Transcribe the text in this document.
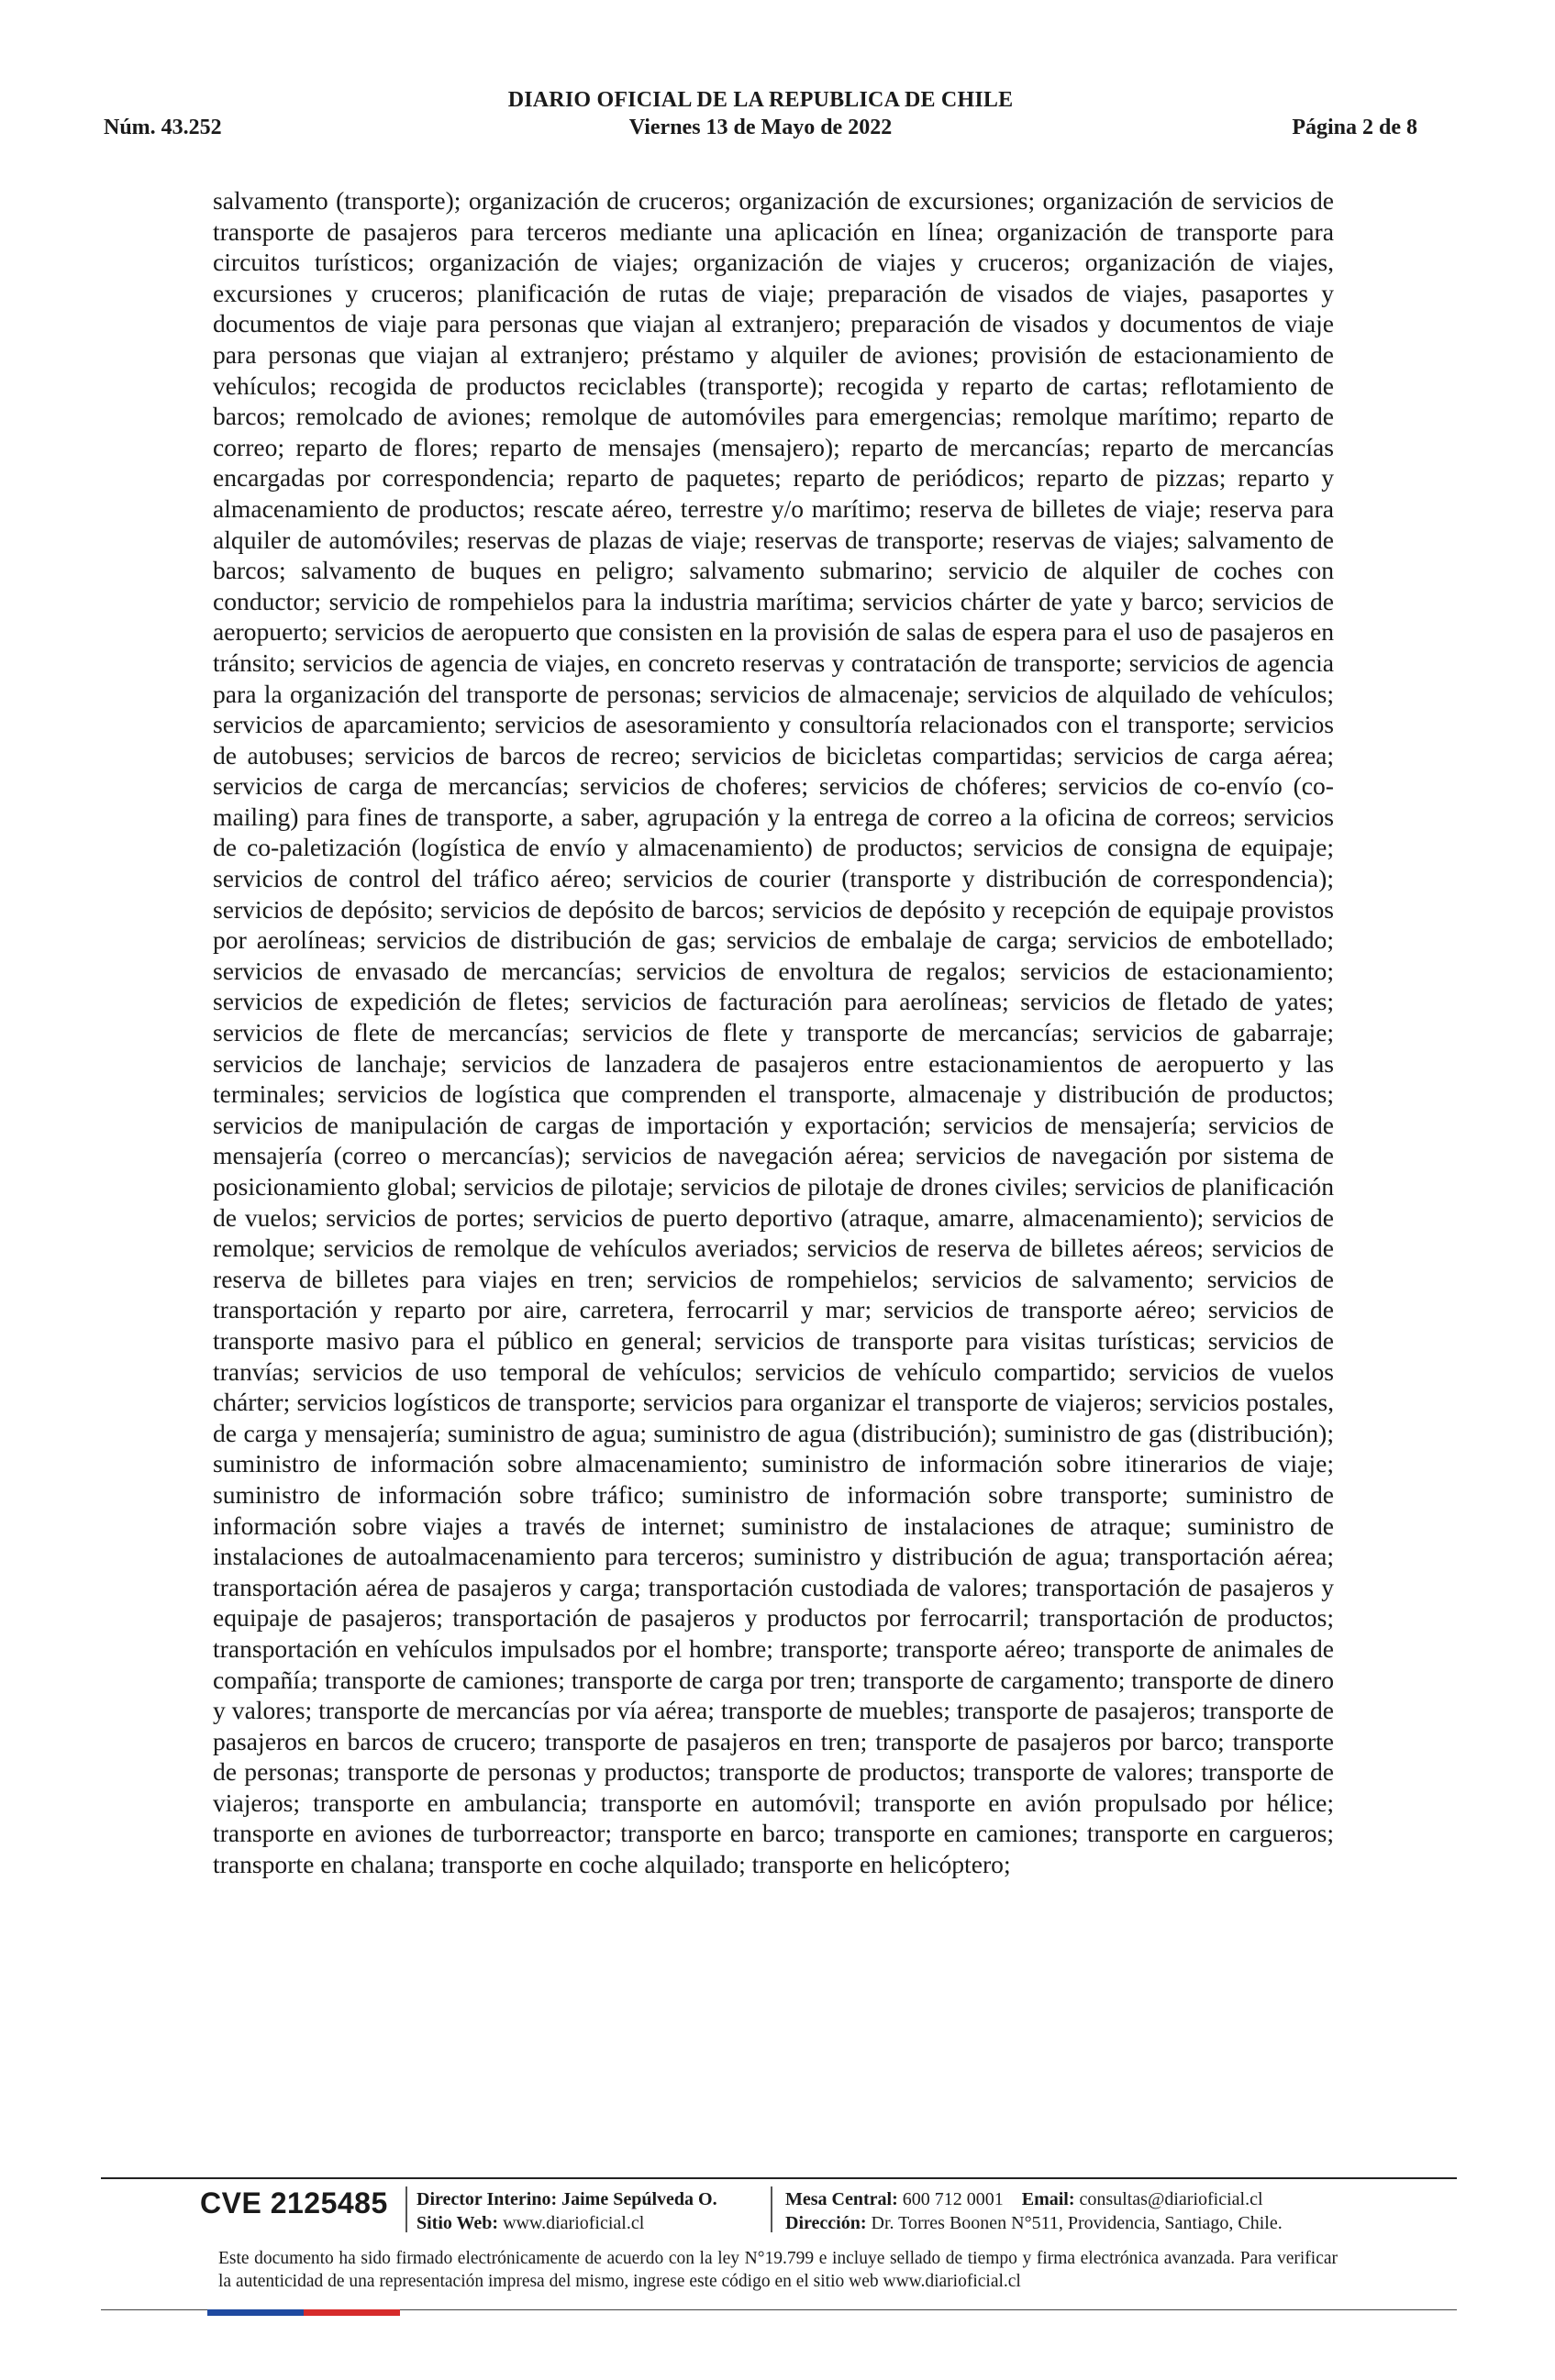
DIARIO OFICIAL DE LA REPUBLICA DE CHILE
Núm. 43.252	Viernes 13 de Mayo de 2022	Página 2 de 8
salvamento (transporte); organización de cruceros; organización de excursiones; organización de servicios de transporte de pasajeros para terceros mediante una aplicación en línea; organización de transporte para circuitos turísticos; organización de viajes; organización de viajes y cruceros; organización de viajes, excursiones y cruceros; planificación de rutas de viaje; preparación de visados de viajes, pasaportes y documentos de viaje para personas que viajan al extranjero; preparación de visados y documentos de viaje para personas que viajan al extranjero; préstamo y alquiler de aviones; provisión de estacionamiento de vehículos; recogida de productos reciclables (transporte); recogida y reparto de cartas; reflotamiento de barcos; remolcado de aviones; remolque de automóviles para emergencias; remolque marítimo; reparto de correo; reparto de flores; reparto de mensajes (mensajero); reparto de mercancías; reparto de mercancías encargadas por correspondencia; reparto de paquetes; reparto de periódicos; reparto de pizzas; reparto y almacenamiento de productos; rescate aéreo, terrestre y/o marítimo; reserva de billetes de viaje; reserva para alquiler de automóviles; reservas de plazas de viaje; reservas de transporte; reservas de viajes; salvamento de barcos; salvamento de buques en peligro; salvamento submarino; servicio de alquiler de coches con conductor; servicio de rompehielos para la industria marítima; servicios chárter de yate y barco; servicios de aeropuerto; servicios de aeropuerto que consisten en la provisión de salas de espera para el uso de pasajeros en tránsito; servicios de agencia de viajes, en concreto reservas y contratación de transporte; servicios de agencia para la organización del transporte de personas; servicios de almacenaje; servicios de alquilado de vehículos; servicios de aparcamiento; servicios de asesoramiento y consultoría relacionados con el transporte; servicios de autobuses; servicios de barcos de recreo; servicios de bicicletas compartidas; servicios de carga aérea; servicios de carga de mercancías; servicios de choferes; servicios de chóferes; servicios de co-envío (co-mailing) para fines de transporte, a saber, agrupación y la entrega de correo a la oficina de correos; servicios de co-paletización (logística de envío y almacenamiento) de productos; servicios de consigna de equipaje; servicios de control del tráfico aéreo; servicios de courier (transporte y distribución de correspondencia); servicios de depósito; servicios de depósito de barcos; servicios de depósito y recepción de equipaje provistos por aerolíneas; servicios de distribución de gas; servicios de embalaje de carga; servicios de embotellado; servicios de envasado de mercancías; servicios de envoltura de regalos; servicios de estacionamiento; servicios de expedición de fletes; servicios de facturación para aerolíneas; servicios de fletado de yates; servicios de flete de mercancías; servicios de flete y transporte de mercancías; servicios de gabarraje; servicios de lanchaje; servicios de lanzadera de pasajeros entre estacionamientos de aeropuerto y las terminales; servicios de logística que comprenden el transporte, almacenaje y distribución de productos; servicios de manipulación de cargas de importación y exportación; servicios de mensajería; servicios de mensajería (correo o mercancías); servicios de navegación aérea; servicios de navegación por sistema de posicionamiento global; servicios de pilotaje; servicios de pilotaje de drones civiles; servicios de planificación de vuelos; servicios de portes; servicios de puerto deportivo (atraque, amarre, almacenamiento); servicios de remolque; servicios de remolque de vehículos averiados; servicios de reserva de billetes aéreos; servicios de reserva de billetes para viajes en tren; servicios de rompehielos; servicios de salvamento; servicios de transportación y reparto por aire, carretera, ferrocarril y mar; servicios de transporte aéreo; servicios de transporte masivo para el público en general; servicios de transporte para visitas turísticas; servicios de tranvías; servicios de uso temporal de vehículos; servicios de vehículo compartido; servicios de vuelos chárter; servicios logísticos de transporte; servicios para organizar el transporte de viajeros; servicios postales, de carga y mensajería; suministro de agua; suministro de agua (distribución); suministro de gas (distribución); suministro de información sobre almacenamiento; suministro de información sobre itinerarios de viaje; suministro de información sobre tráfico; suministro de información sobre transporte; suministro de información sobre viajes a través de internet; suministro de instalaciones de atraque; suministro de instalaciones de autoalmacenamiento para terceros; suministro y distribución de agua; transportación aérea; transportación aérea de pasajeros y carga; transportación custodiada de valores; transportación de pasajeros y equipaje de pasajeros; transportación de pasajeros y productos por ferrocarril; transportación de productos; transportación en vehículos impulsados por el hombre; transporte; transporte aéreo; transporte de animales de compañía; transporte de camiones; transporte de carga por tren; transporte de cargamento; transporte de dinero y valores; transporte de mercancías por vía aérea; transporte de muebles; transporte de pasajeros; transporte de pasajeros en barcos de crucero; transporte de pasajeros en tren; transporte de pasajeros por barco; transporte de personas; transporte de personas y productos; transporte de productos; transporte de valores; transporte de viajeros; transporte en ambulancia; transporte en automóvil; transporte en avión propulsado por hélice; transporte en aviones de turborreactor; transporte en barco; transporte en camiones; transporte en cargueros; transporte en chalana; transporte en coche alquilado; transporte en helicóptero;
CVE 2125485 Director Interino: Jaime Sepúlveda O.
Sitio Web: www.diarioficial.cl
Mesa Central: 600 712 0001 Email: consultas@diarioficial.cl
Dirección: Dr. Torres Boonen N°511, Providencia, Santiago, Chile.
Este documento ha sido firmado electrónicamente de acuerdo con la ley N°19.799 e incluye sellado de tiempo y firma electrónica avanzada. Para verificar la autenticidad de una representación impresa del mismo, ingrese este código en el sitio web www.diarioficial.cl
